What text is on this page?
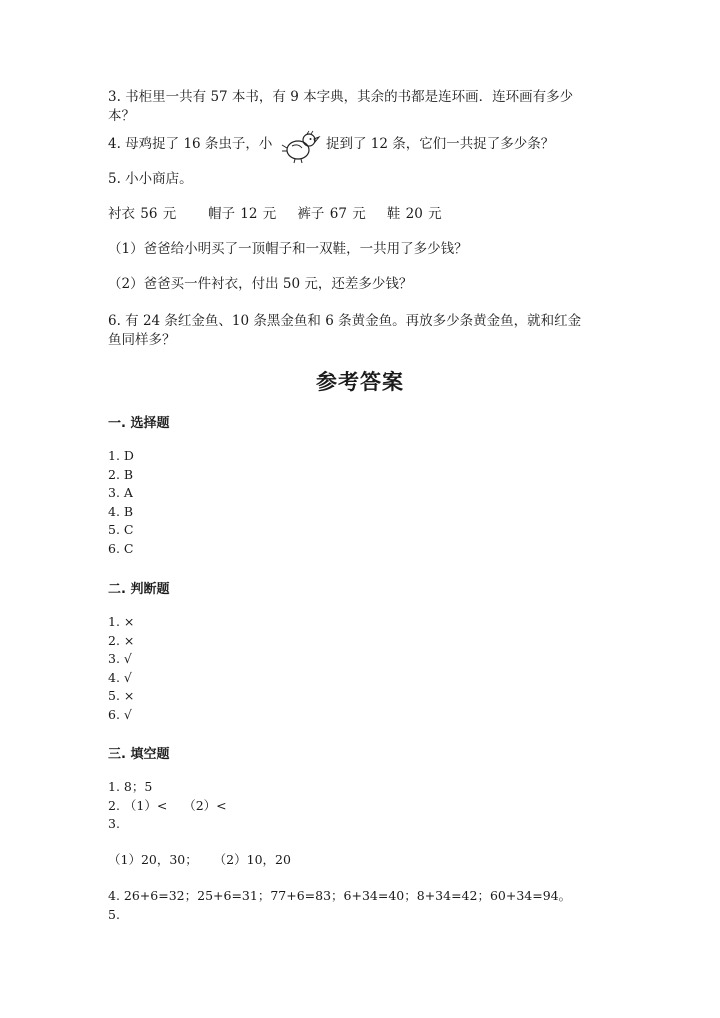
3. 书柜里一共有 57 本书，有 9 本字典，其余的书都是连环画．连环画有多少
本？
4. 母鸡捉了 16 条虫子，小	捉到了 12 条，它们一共捉了多少条？
5. 小小商店。
衬衣 56 元      帽子 12 元    裤子 67 元    鞋 20 元
（1）爸爸给小明买了一顶帽子和一双鞋，一共用了多少钱？
（2）爸爸买一件衬衣，付出 50 元，还差多少钱？
6. 有 24 条红金鱼、10 条黑金鱼和 6 条黄金鱼。再放多少条黄金鱼，就和红金
鱼同样多？
参考答案
一. 选择题
1. D
2. B
3. A
4. B
5. C
6. C
二. 判断题
1. ×
2. ×
3. √
4. √
5. ×
6. √
三. 填空题
1. 8；5
2. （1）<    （2）<
3.
（1）20，30；    （2）10，20
4. 26+6=32；25+6=31；77+6=83；6+34=40；8+34=42；60+34=94。
5.
